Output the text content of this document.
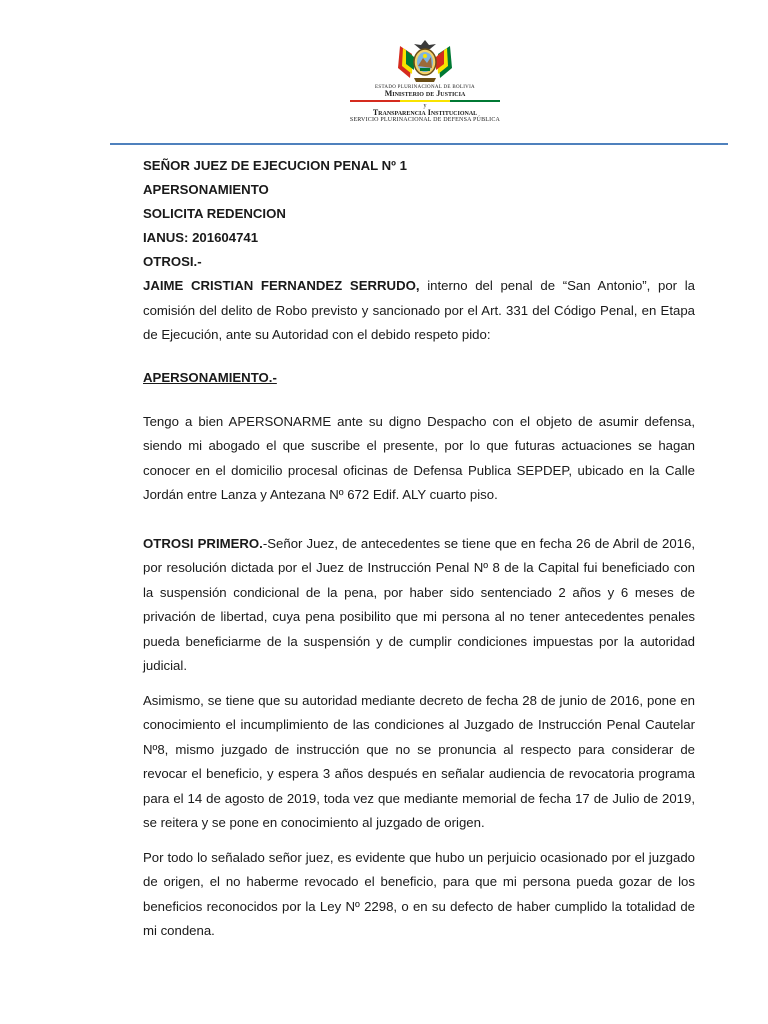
ESTADO PLURINACIONAL DE BOLIVIA
Ministerio de Justicia
y
Transparencia Institucional
SERVICIO PLURINACIONAL DE DEFENSA PÚBLICA
SEÑOR JUEZ DE EJECUCION PENAL Nº 1
APERSONAMIENTO
SOLICITA REDENCION
IANUS: 201604741
OTROSI.-

JAIME CRISTIAN FERNANDEZ SERRUDO, interno del penal de “San Antonio”, por la comisión del delito de Robo previsto y sancionado por el Art. 331 del Código Penal, en Etapa de Ejecución, ante su Autoridad con el debido respeto pido:

APERSONAMIENTO.-

Tengo a bien APERSONARME ante su digno Despacho con el objeto de asumir defensa, siendo mi abogado el que suscribe el presente, por lo que futuras actuaciones se hagan conocer en el domicilio procesal oficinas de Defensa Publica SEPDEP, ubicado en la Calle Jordán entre Lanza y Antezana Nº 672 Edif. ALY cuarto piso.

OTROSI PRIMERO.-Señor Juez, de antecedentes se tiene que en fecha 26 de Abril de 2016, por resolución dictada por el Juez de Instrucción Penal Nº 8 de la Capital fui beneficiado con la suspensión condicional de la pena, por haber sido sentenciado 2 años y 6 meses de privación de libertad, cuya pena posibilito que mi persona al no tener antecedentes penales pueda beneficiarme de la suspensión y de cumplir condiciones impuestas por la autoridad judicial.

Asimismo, se tiene que su autoridad mediante decreto de fecha 28 de junio de 2016, pone en conocimiento el incumplimiento de las condiciones al Juzgado de Instrucción Penal Cautelar Nº8, mismo juzgado de instrucción que no se pronuncia al respecto para considerar de revocar el beneficio, y espera 3 años después en señalar audiencia de revocatoria programa para el 14 de agosto de 2019, toda vez que mediante memorial de fecha 17 de Julio de 2019, se reitera y se pone en conocimiento al juzgado de origen.

Por todo lo señalado señor juez, es evidente que hubo un perjuicio ocasionado por el juzgado de origen, el no haberme revocado el beneficio, para que mi persona pueda gozar de los beneficios reconocidos por la Ley Nº 2298, o en su defecto de haber cumplido la totalidad de mi condena.
